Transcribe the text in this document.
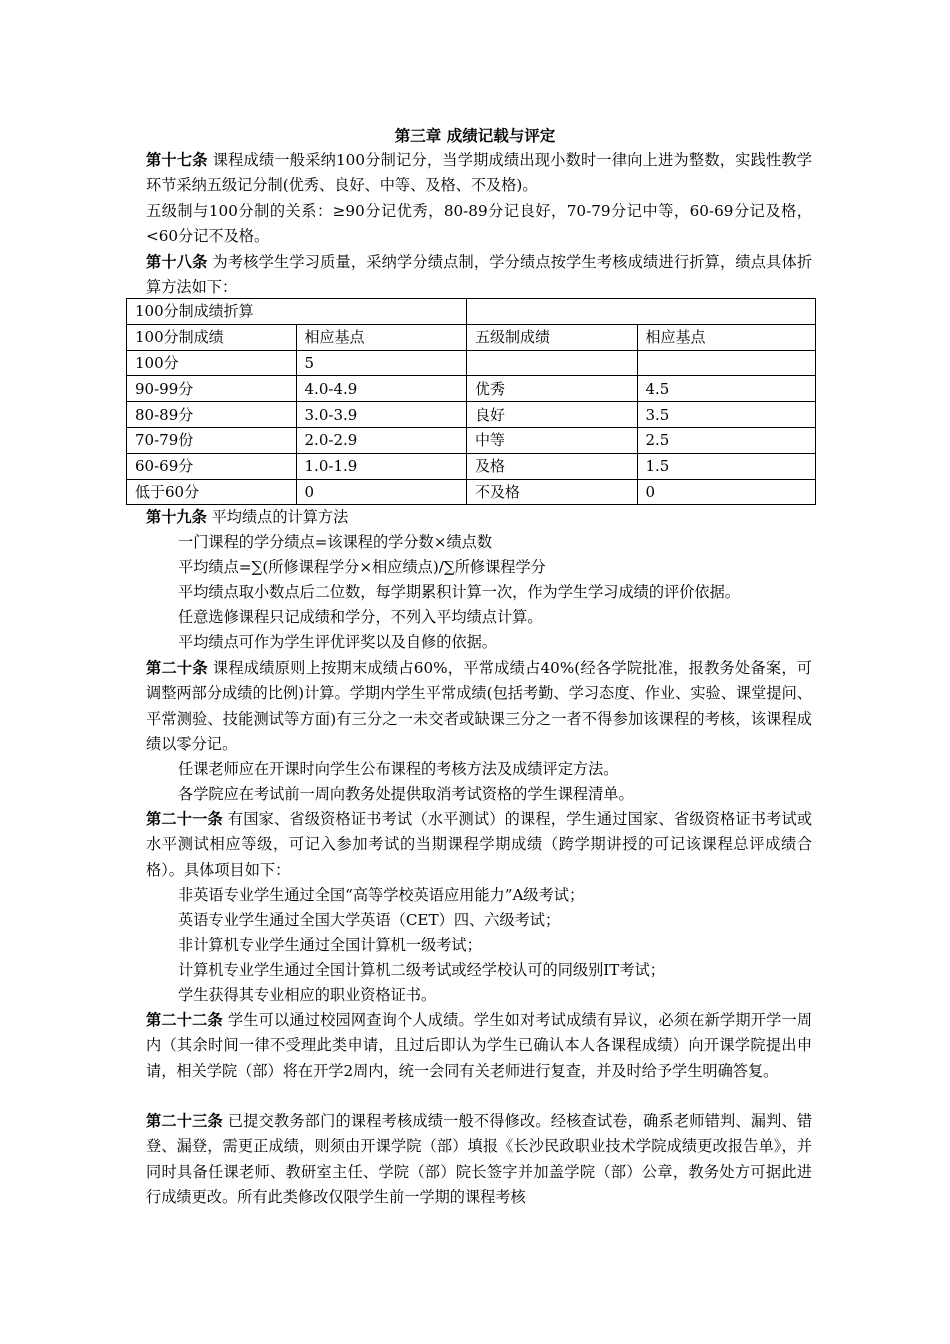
第三章 成绩记载与评定
第十七条 课程成绩一般采纳100分制记分，当学期成绩出现小数时一律向上进为整数，实践性教学环节采纳五级记分制(优秀、良好、中等、及格、不及格)。
五级制与100分制的关系：≥90分记优秀，80-89分记良好，70-79分记中等，60-69分记及格，<60分记不及格。
第十八条 为考核学生学习质量，采纳学分绩点制，学分绩点按学生考核成绩进行折算，绩点具体折算方法如下：
100分制成绩折算			
100分制成绩	相应基点	五级制成绩	相应基点
100分	5		
90-99分	4.0-4.9	优秀	4.5
80-89分	3.0-3.9	良好	3.5
70-79份	2.0-2.9	中等	2.5
60-69分	1.0-1.9	及格	1.5
低于60分	0	不及格	0
第十九条 平均绩点的计算方法
一门课程的学分绩点=该课程的学分数×绩点数
平均绩点=∑(所修课程学分×相应绩点)/∑所修课程学分
平均绩点取小数点后二位数，每学期累积计算一次，作为学生学习成绩的评价依据。
任意选修课程只记成绩和学分，不列入平均绩点计算。
平均绩点可作为学生评优评奖以及自修的依据。
第二十条 课程成绩原则上按期末成绩占60%，平常成绩占40%(经各学院批准，报教务处备案，可调整两部分成绩的比例)计算。学期内学生平常成绩(包括考勤、学习态度、作业、实验、课堂提问、平常测验、技能测试等方面)有三分之一未交者或缺课三分之一者不得参加该课程的考核，该课程成绩以零分记。
任课老师应在开课时向学生公布课程的考核方法及成绩评定方法。
各学院应在考试前一周向教务处提供取消考试资格的学生课程清单。
第二十一条 有国家、省级资格证书考试（水平测试）的课程，学生通过国家、省级资格证书考试或水平测试相应等级，可记入参加考试的当期课程学期成绩（跨学期讲授的可记该课程总评成绩合格）。具体项目如下：
非英语专业学生通过全国“高等学校英语应用能力”A级考试；
英语专业学生通过全国大学英语（CET）四、六级考试；
非计算机专业学生通过全国计算机一级考试；
计算机专业学生通过全国计算机二级考试或经学校认可的同级别IT考试；
学生获得其专业相应的职业资格证书。
第二十二条 学生可以通过校园网查询个人成绩。学生如对考试成绩有异议，必须在新学期开学一周内（其余时间一律不受理此类申请，且过后即认为学生已确认本人各课程成绩）向开课学院提出申请，相关学院（部）将在开学2周内，统一会同有关老师进行复查，并及时给予学生明确答复。
第二十三条 已提交教务部门的课程考核成绩一般不得修改。经核查试卷，确系老师错判、漏判、错登、漏登，需更正成绩，则须由开课学院（部）填报《长沙民政职业技术学院成绩更改报告单》，并同时具备任课老师、教研室主任、学院（部）院长签字并加盖学院（部）公章，教务处方可据此进行成绩更改。所有此类修改仅限学生前一学期的课程考核
